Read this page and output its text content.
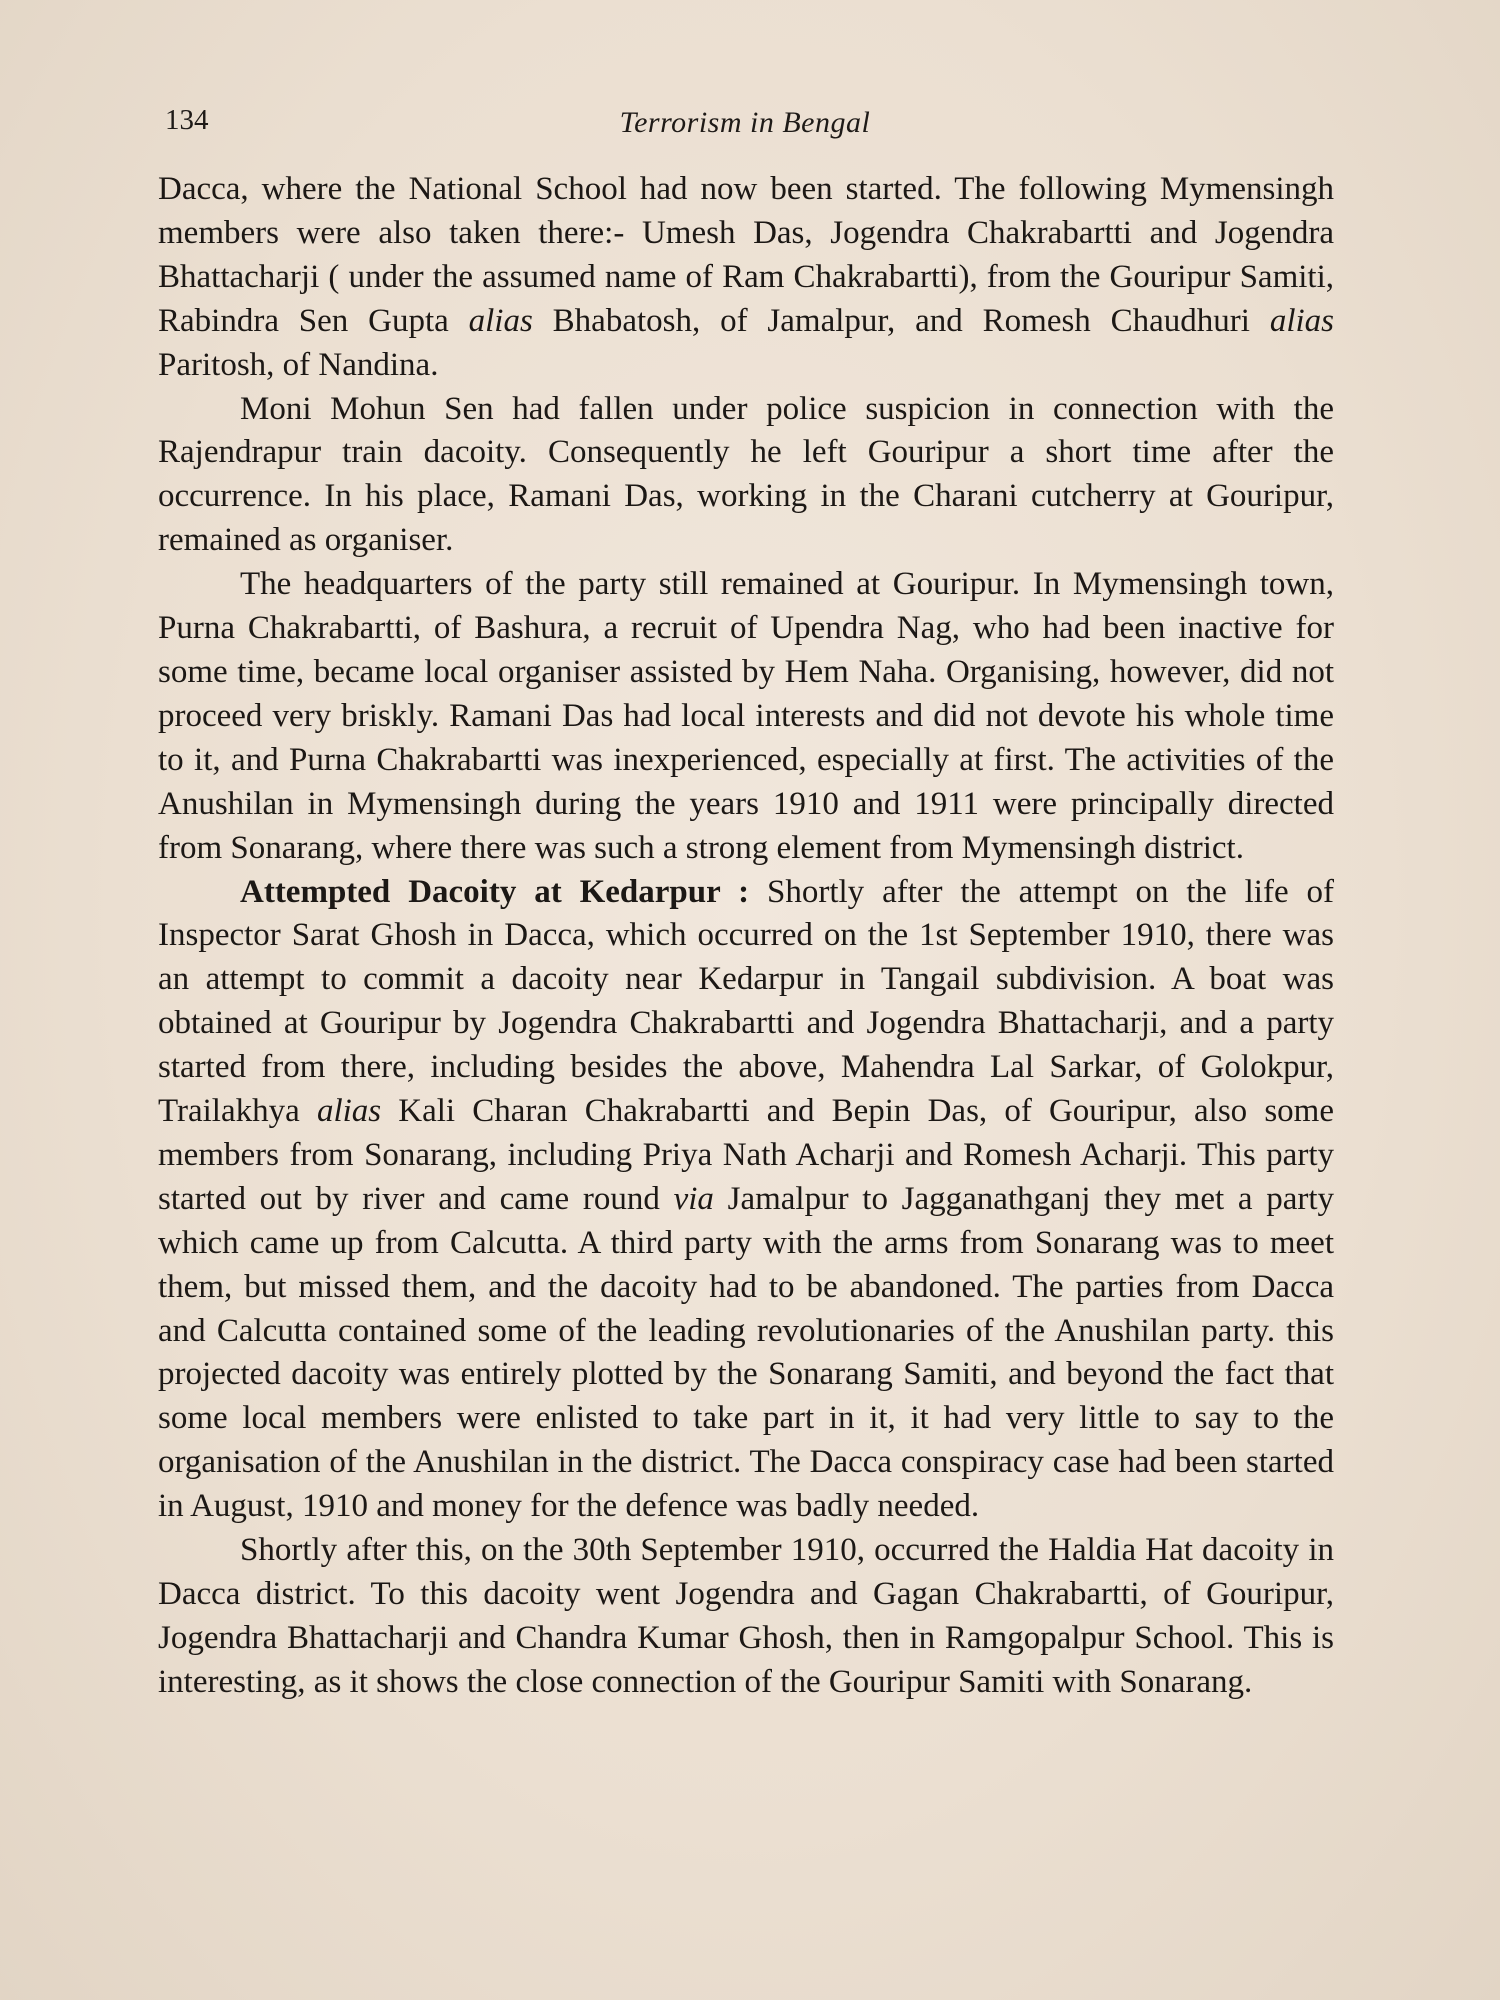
134	Terrorism in Bengal

Dacca, where the National School had now been started. The following Mymensingh members were also taken there:- Umesh Das, Jogendra Chakrabartti and Jogendra Bhattacharji ( under the assumed name of Ram Chakrabartti), from the Gouripur Samiti, Rabindra Sen Gupta alias Bhabatosh, of Jamalpur, and Romesh Chaudhuri alias Paritosh, of Nandina.

Moni Mohun Sen had fallen under police suspicion in connection with the Rajendrapur train dacoity. Consequently he left Gouripur a short time after the occurrence. In his place, Ramani Das, working in the Charani cutcherry at Gouripur, remained as organiser.

The headquarters of the party still remained at Gouripur. In Mymensingh town, Purna Chakrabartti, of Bashura, a recruit of Upendra Nag, who had been inactive for some time, became local organiser assisted by Hem Naha. Organising, however, did not proceed very briskly. Ramani Das had local interests and did not devote his whole time to it, and Purna Chakrabartti was inexperienced, especially at first. The activities of the Anushilan in Mymensingh during the years 1910 and 1911 were principally directed from Sonarang, where there was such a strong element from Mymensingh district.

Attempted Dacoity at Kedarpur : Shortly after the attempt on the life of Inspector Sarat Ghosh in Dacca, which occurred on the 1st September 1910, there was an attempt to commit a dacoity near Kedarpur in Tangail subdivision. A boat was obtained at Gouripur by Jogendra Chakrabartti and Jogendra Bhattacharji, and a party started from there, including besides the above, Mahendra Lal Sarkar, of Golokpur, Trailakhya alias Kali Charan Chakrabartti and Bepin Das, of Gouripur, also some members from Sonarang, including Priya Nath Acharji and Romesh Acharji. This party started out by river and came round via Jamalpur to Jagganathganj they met a party which came up from Calcutta. A third party with the arms from Sonarang was to meet them, but missed them, and the dacoity had to be abandoned. The parties from Dacca and Calcutta contained some of the leading revolutionaries of the Anushilan party. this projected dacoity was entirely plotted by the Sonarang Samiti, and beyond the fact that some local members were enlisted to take part in it, it had very little to say to the organisation of the Anushilan in the district. The Dacca conspiracy case had been started in August, 1910 and money for the defence was badly needed.

Shortly after this, on the 30th September 1910, occurred the Haldia Hat dacoity in Dacca district. To this dacoity went Jogendra and Gagan Chakrabartti, of Gouripur, Jogendra Bhattacharji and Chandra Kumar Ghosh, then in Ramgopalpur School. This is interesting, as it shows the close connection of the Gouripur Samiti with Sonarang.
